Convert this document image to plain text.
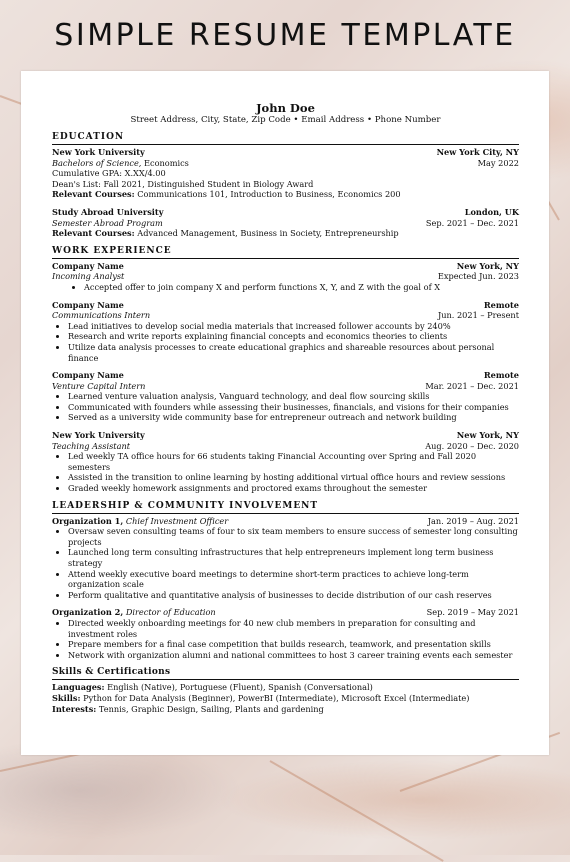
SIMPLE RESUME TEMPLATE
John Doe
Street Address, City, State, Zip Code • Email Address • Phone Number
EDUCATION
New York University	New York City, NY
Bachelors of Science, Economics	May 2022
Cumulative GPA: X.XX/4.00
Dean's List: Fall 2021, Distinguished Student in Biology Award
Relevant Courses: Communications 101, Introduction to Business, Economics 200
Study Abroad University	London, UK
Semester Abroad Program	Sep. 2021 – Dec. 2021
Relevant Courses: Advanced Management, Business in Society, Entrepreneurship
WORK EXPERIENCE
Company Name	New York, NY
Incoming Analyst	Expected Jun. 2023
• Accepted offer to join company X and perform functions X, Y, and Z with the goal of X
Company Name	Remote
Communications Intern	Jun. 2021 – Present
• Lead initiatives to develop social media materials that increased follower accounts by 240%
• Research and write reports explaining financial concepts and economics theories to clients
• Utilize data analysis processes to create educational graphics and shareable resources about personal finance
Company Name	Remote
Venture Capital Intern	Mar. 2021 – Dec. 2021
• Learned venture valuation analysis, Vanguard technology, and deal flow sourcing skills
• Communicated with founders while assessing their businesses, financials, and visions for their companies
• Served as a university wide community base for entrepreneur outreach and network building
New York University	New York, NY
Teaching Assistant	Aug. 2020 – Dec. 2020
• Led weekly TA office hours for 66 students taking Financial Accounting over Spring and Fall 2020 semesters
• Assisted in the transition to online learning by hosting additional virtual office hours and review sessions
• Graded weekly homework assignments and proctored exams throughout the semester
LEADERSHIP & COMMUNITY INVOLVEMENT
Organization 1, Chief Investment Officer	Jan. 2019 – Aug. 2021
• Oversaw seven consulting teams of four to six team members to ensure success of semester long consulting projects
• Launched long term consulting infrastructures that help entrepreneurs implement long term business strategy
• Attend weekly executive board meetings to determine short-term practices to achieve long-term organization scale
• Perform qualitative and quantitative analysis of businesses to decide distribution of our cash reserves
Organization 2, Director of Education	Sep. 2019 – May 2021
• Directed weekly onboarding meetings for 40 new club members in preparation for consulting and investment roles
• Prepare members for a final case competition that builds research, teamwork, and presentation skills
• Network with organization alumni and national committees to host 3 career training events each semester
Skills & Certifications
Languages: English (Native), Portuguese (Fluent), Spanish (Conversational)
Skills: Python for Data Analysis (Beginner), PowerBI (Intermediate), Microsoft Excel (Intermediate)
Interests: Tennis, Graphic Design, Sailing, Plants and gardening
